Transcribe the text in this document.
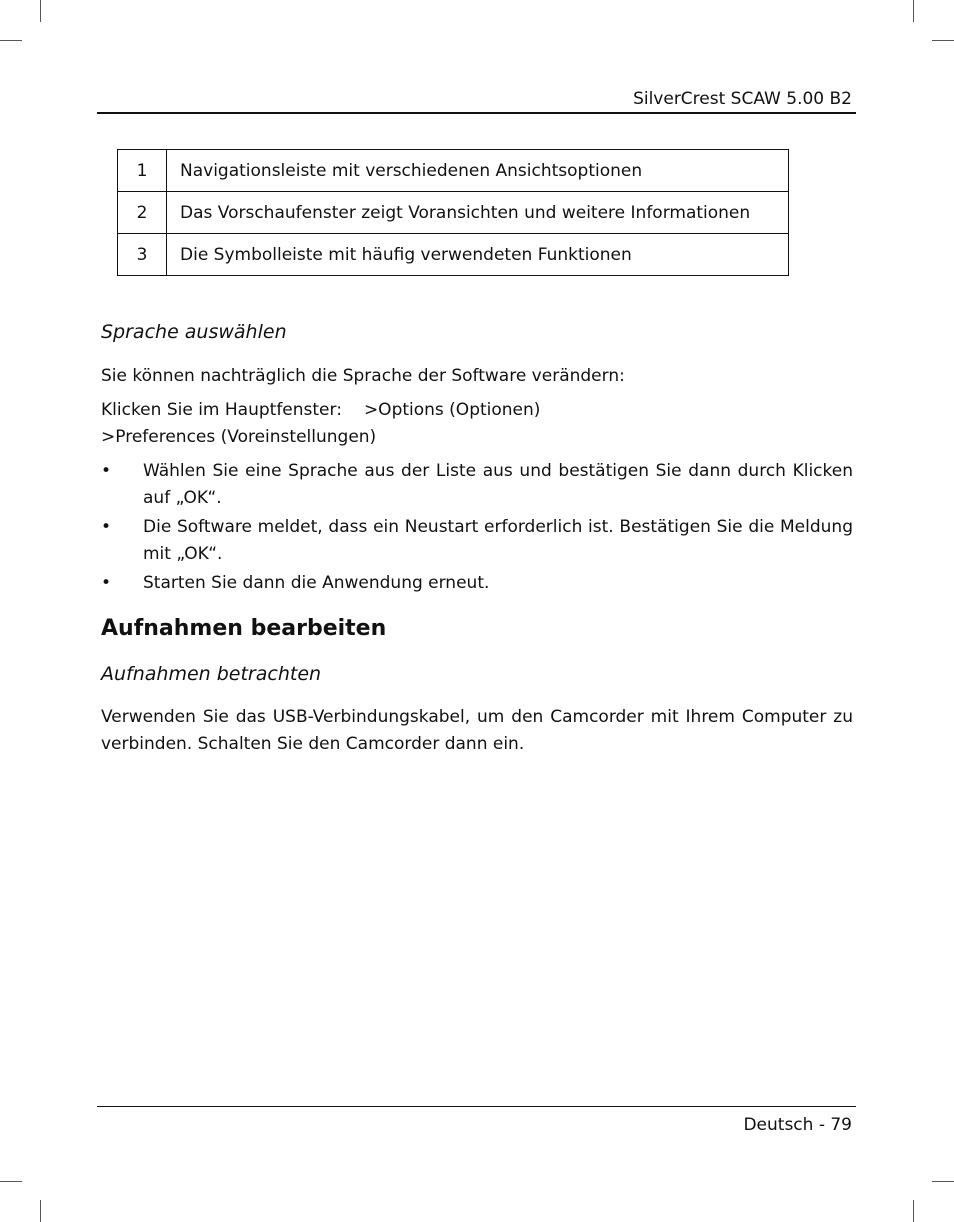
SilverCrest SCAW 5.00 B2
1	Navigationsleiste mit verschiedenen Ansichtsoptionen
2	Das Vorschaufenster zeigt Voransichten und weitere Informationen
3	Die Symbolleiste mit häufig verwendeten Funktionen
Sprache auswählen

Sie können nachträglich die Sprache der Software verändern:

Klicken Sie im Hauptfenster: >Options (Optionen)
>Preferences (Voreinstellungen)
• Wählen Sie eine Sprache aus der Liste aus und bestätigen Sie dann durch Klicken auf „OK“.
• Die Software meldet, dass ein Neustart erforderlich ist. Bestätigen Sie die Meldung mit „OK“.
• Starten Sie dann die Anwendung erneut.
Aufnahmen bearbeiten
Aufnahmen betrachten
Verwenden Sie das USB-Verbindungskabel, um den Camcorder mit Ihrem Computer zu
verbinden. Schalten Sie den Camcorder dann ein.
Deutsch - 79
